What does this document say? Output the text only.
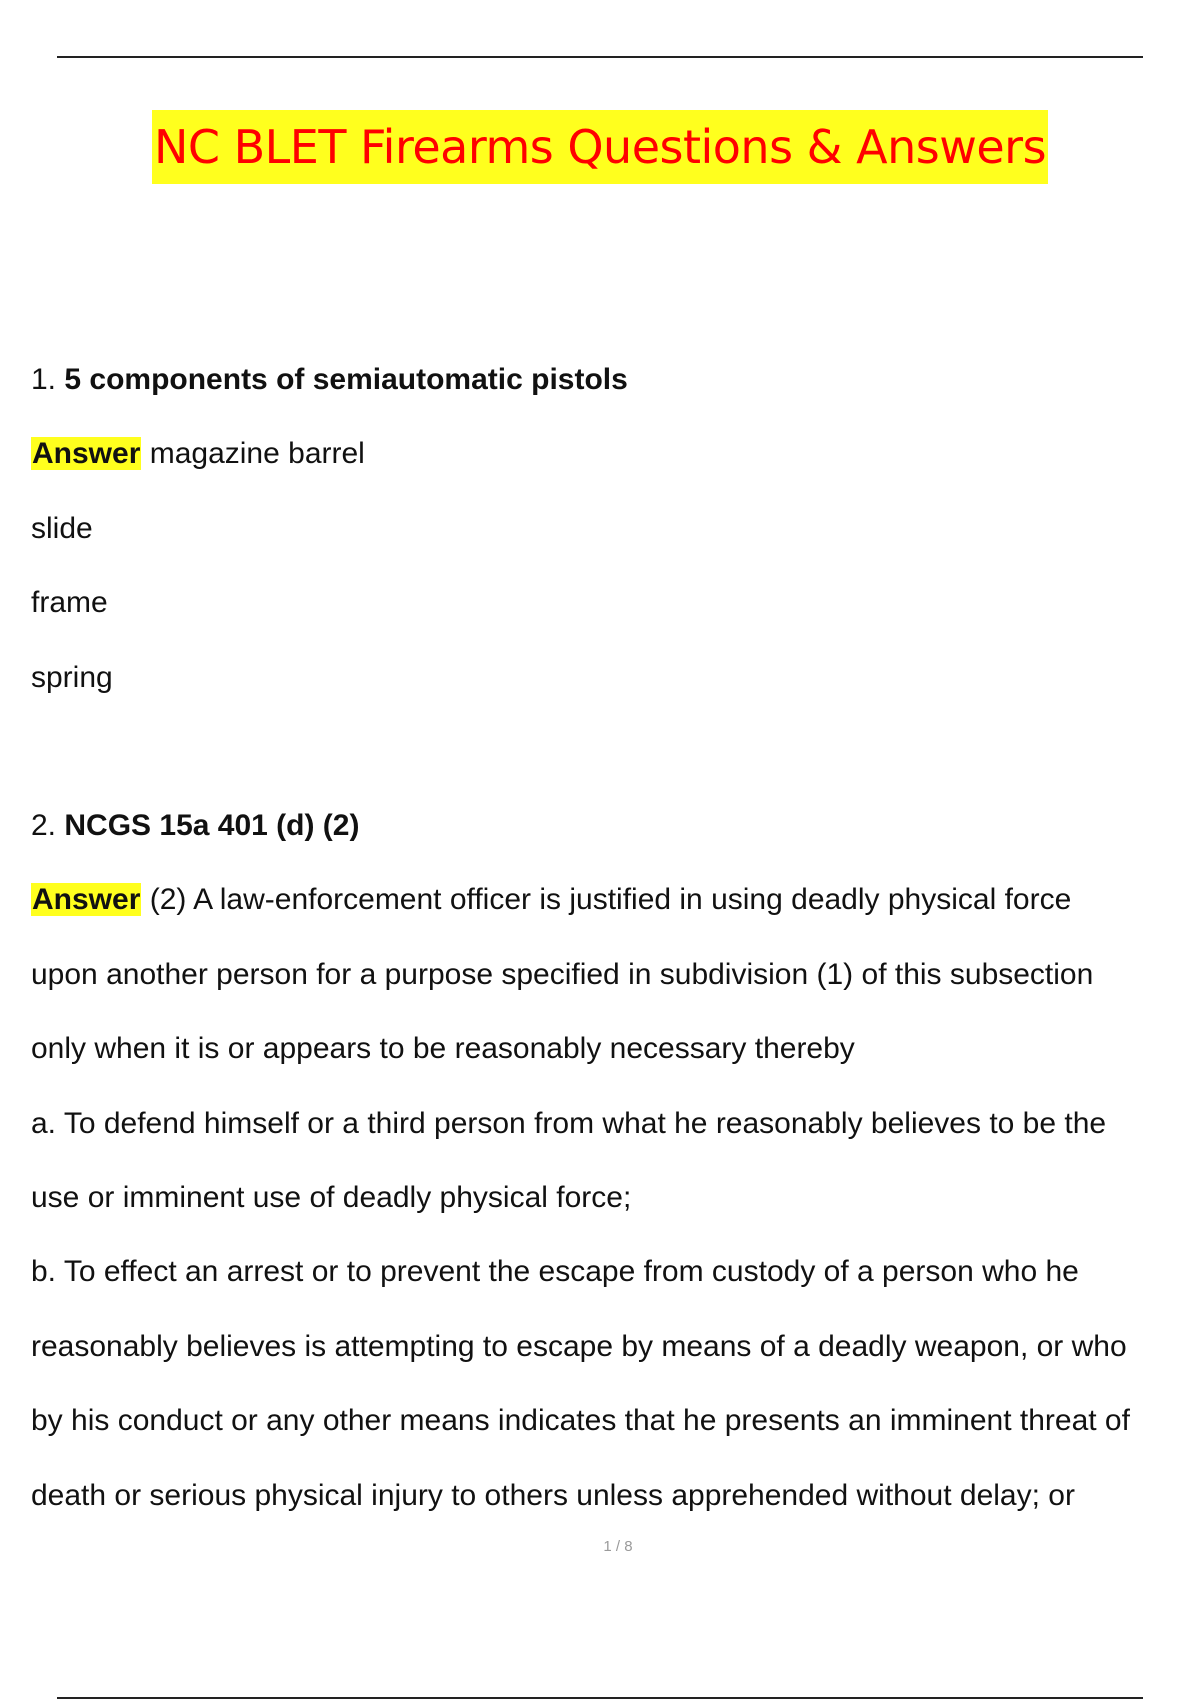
NC BLET Firearms Questions & Answers
1. 5 components of semiautomatic pistols
Answer magazine barrel
slide
frame
spring
2. NCGS 15a 401 (d) (2)
Answer (2) A law-enforcement officer is justified in using deadly physical force
upon another person for a purpose specified in subdivision (1) of this subsection
only when it is or appears to be reasonably necessary thereby
a. To defend himself or a third person from what he reasonably believes to be the
use or imminent use of deadly physical force;
b. To effect an arrest or to prevent the escape from custody of a person who he
reasonably believes is attempting to escape by means of a deadly weapon, or who
by his conduct or any other means indicates that he presents an imminent threat of
death or serious physical injury to others unless apprehended without delay; or
1 / 8
